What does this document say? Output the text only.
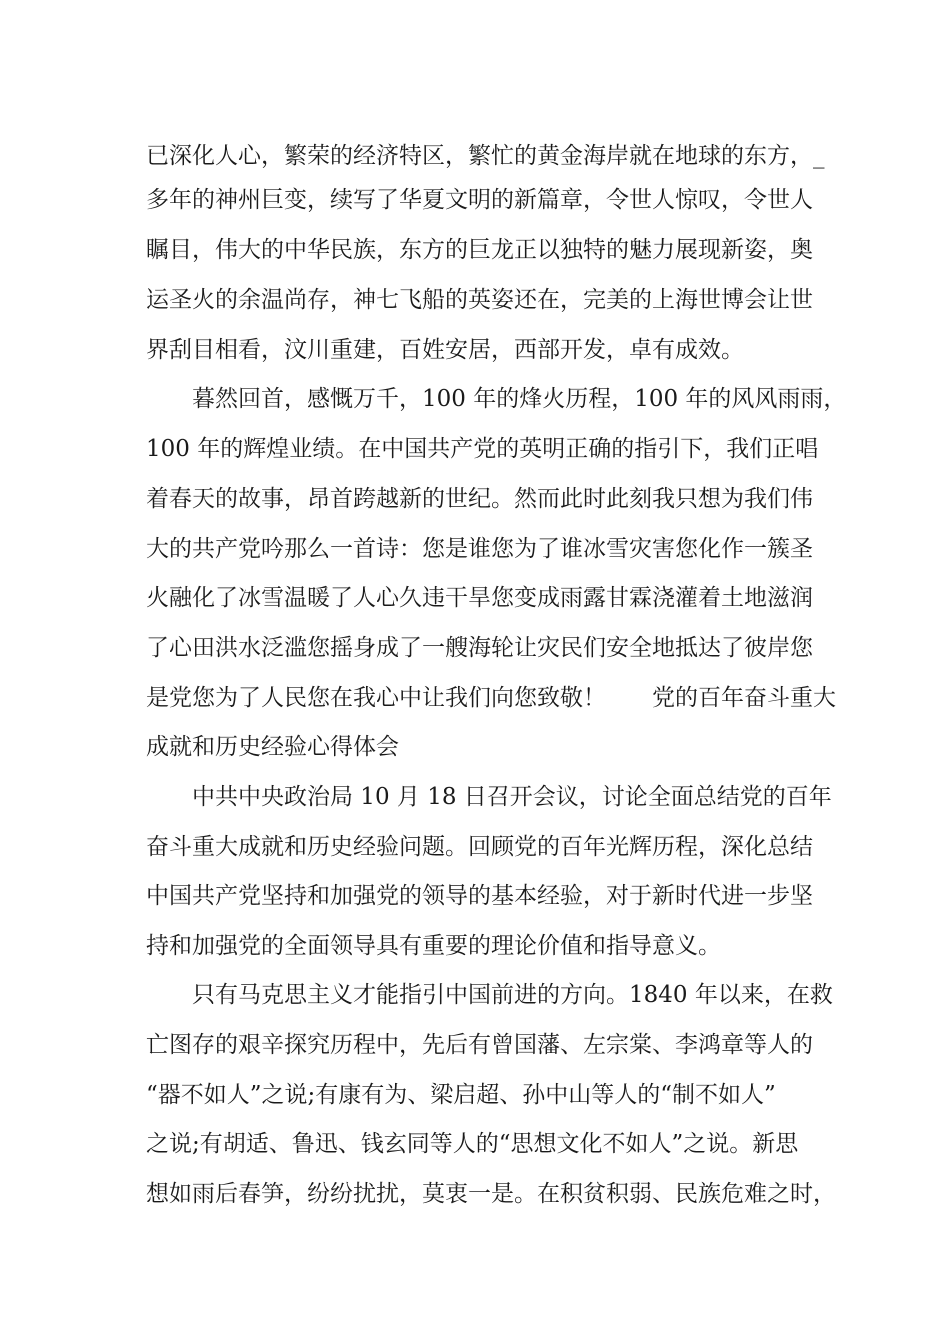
已深化人心，繁荣的经济特区，繁忙的黄金海岸就在地球的东方，_
多年的神州巨变，续写了华夏文明的新篇章，令世人惊叹，令世人
瞩目，伟大的中华民族，东方的巨龙正以独特的魅力展现新姿，奥
运圣火的余温尚存，神七飞船的英姿还在，完美的上海世博会让世
界刮目相看，汶川重建，百姓安居，西部开发，卓有成效。
暮然回首，感慨万千，100 年的烽火历程，100 年的风风雨雨，
100 年的辉煌业绩。在中国共产党的英明正确的指引下，我们正唱
着春天的故事，昂首跨越新的世纪。然而此时此刻我只想为我们伟
大的共产党吟那么一首诗：您是谁您为了谁冰雪灾害您化作一簇圣
火融化了冰雪温暖了人心久违干旱您变成雨露甘霖浇灌着土地滋润
了心田洪水泛滥您摇身成了一艘海轮让灾民们安全地抵达了彼岸您
是党您为了人民您在我心中让我们向您致敬！　　党的百年奋斗重大
成就和历史经验心得体会
中共中央政治局 10 月 18 日召开会议，讨论全面总结党的百年
奋斗重大成就和历史经验问题。回顾党的百年光辉历程，深化总结
中国共产党坚持和加强党的领导的基本经验，对于新时代进一步坚
持和加强党的全面领导具有重要的理论价值和指导意义。
只有马克思主义才能指引中国前进的方向。1840 年以来，在救
亡图存的艰辛探究历程中，先后有曾国藩、左宗棠、李鸿章等人的
“器不如人”之说;有康有为、梁启超、孙中山等人的“制不如人”
之说;有胡适、鲁迅、钱玄同等人的“思想文化不如人”之说。新思
想如雨后春笋，纷纷扰扰，莫衷一是。在积贫积弱、民族危难之时，
